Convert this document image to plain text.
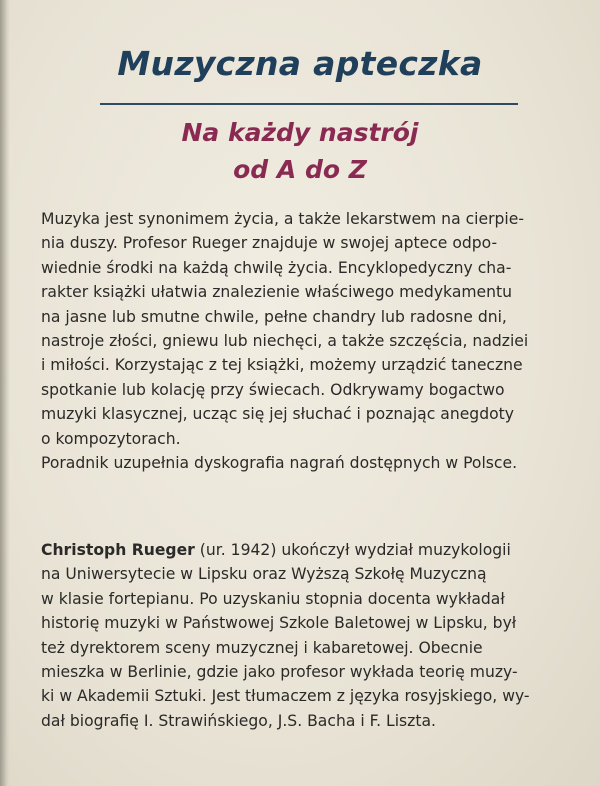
Muzyczna apteczka
Na każdy nastrój
od A do Z
Muzyka jest synonimem życia, a także lekarstwem na cierpie-
nia duszy. Profesor Rueger znajduje w swojej aptece odpo-
wiednie środki na każdą chwilę życia. Encyklopedyczny cha-
rakter książki ułatwia znalezienie właściwego medykamentu
na jasne lub smutne chwile, pełne chandry lub radosne dni,
nastroje złości, gniewu lub niechęci, a także szczęścia, nadziei
i miłości. Korzystając z tej książki, możemy urządzić taneczne
spotkanie lub kolację przy świecach. Odkrywamy bogactwo
muzyki klasycznej, ucząc się jej słuchać i poznając anegdoty
o kompozytorach.
Poradnik uzupełnia dyskografia nagrań dostępnych w Polsce.
Christoph Rueger (ur. 1942) ukończył wydział muzykologii
na Uniwersytecie w Lipsku oraz Wyższą Szkołę Muzyczną
w klasie fortepianu. Po uzyskaniu stopnia docenta wykładał
historię muzyki w Państwowej Szkole Baletowej w Lipsku, był
też dyrektorem sceny muzycznej i kabaretowej. Obecnie
mieszka w Berlinie, gdzie jako profesor wykłada teorię muzy-
ki w Akademii Sztuki. Jest tłumaczem z języka rosyjskiego, wy-
dał biografię I. Strawińskiego, J.S. Bacha i F. Liszta.
